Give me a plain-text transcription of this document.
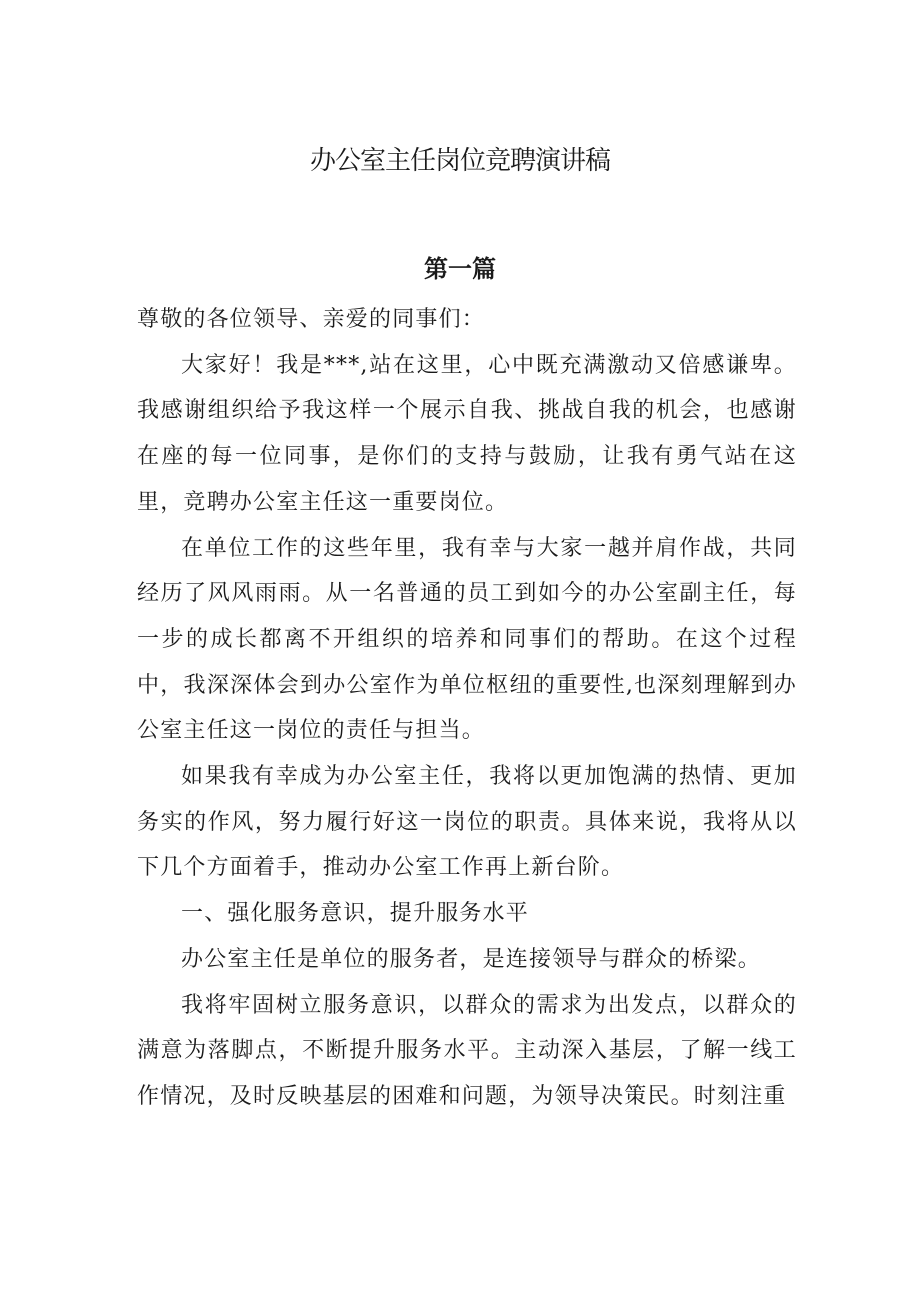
办公室主任岗位竞聘演讲稿
第一篇

尊敬的各位领导、亲爱的同事们：

大家好！我是***,站在这里，心中既充满激动又倍感谦卑。我感谢组织给予我这样一个展示自我、挑战自我的机会，也感谢在座的每一位同事，是你们的支持与鼓励，让我有勇气站在这里，竞聘办公室主任这一重要岗位。

在单位工作的这些年里，我有幸与大家一越并肩作战，共同经历了风风雨雨。从一名普通的员工到如今的办公室副主任，每一步的成长都离不开组织的培养和同事们的帮助。在这个过程中，我深深体会到办公室作为单位枢纽的重要性,也深刻理解到办公室主任这一岗位的责任与担当。

如果我有幸成为办公室主任，我将以更加饱满的热情、更加务实的作风，努力履行好这一岗位的职责。具体来说，我将从以下几个方面着手，推动办公室工作再上新台阶。

一、强化服务意识，提升服务水平

办公室主任是单位的服务者，是连接领导与群众的桥梁。

我将牢固树立服务意识，以群众的需求为出发点，以群众的满意为落脚点，不断提升服务水平。主动深入基层，了解一线工作情况，及时反映基层的困难和问题，为领导决策民。时刻注重
